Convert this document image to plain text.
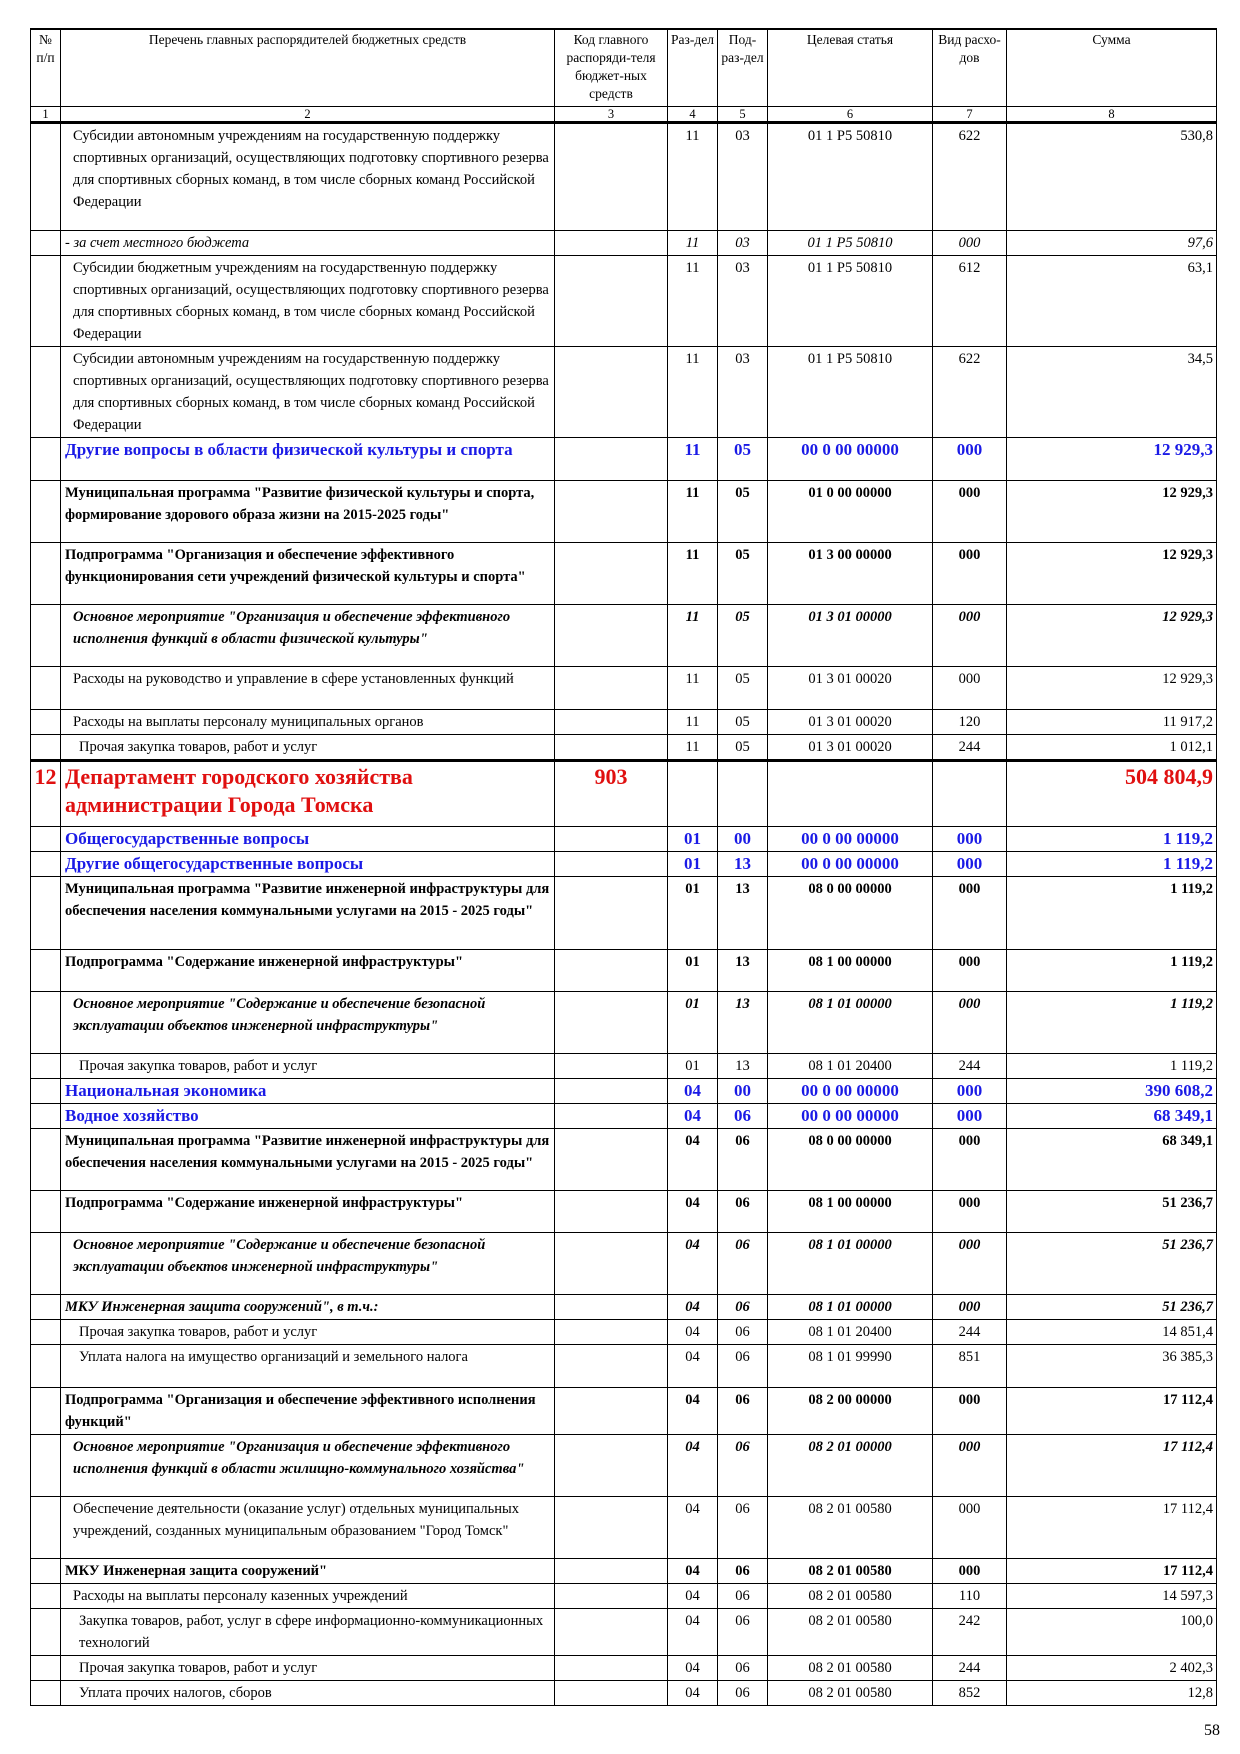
№ п/п	Перечень главных распорядителей бюджетных средств	Код главного распоряди-теля бюджет-ных средств	Раз-дел	Под-раз-дел	Целевая статья	Вид расхо-дов	Сумма
1	2	3	4	5	6	7	8
	Субсидии автономным учреждениям на государственную поддержку спортивных организаций, осуществляющих подготовку спортивного резерва для спортивных сборных команд, в том числе сборных команд Российской Федерации		11	03	01 1 Р5 50810	622	530,8
	- за счет местного бюджета		11	03	01 1 Р5 50810	000	97,6
	Субсидии бюджетным учреждениям на государственную поддержку спортивных организаций, осуществляющих подготовку спортивного резерва для спортивных сборных команд, в том числе сборных команд Российской Федерации		11	03	01 1 Р5 50810	612	63,1
	Субсидии автономным учреждениям на государственную поддержку спортивных организаций, осуществляющих подготовку спортивного резерва для спортивных сборных команд, в том числе сборных команд Российской Федерации		11	03	01 1 Р5 50810	622	34,5
	Другие вопросы в области физической культуры и спорта		11	05	00 0 00 00000	000	12 929,3
	Муниципальная программа "Развитие физической культуры и спорта, формирование здорового образа жизни на 2015-2025 годы"		11	05	01 0 00 00000	000	12 929,3
	Подпрограмма "Организация и обеспечение эффективного функционирования сети учреждений физической культуры и спорта"		11	05	01 3 00 00000	000	12 929,3
	Основное мероприятие "Организация и обеспечение эффективного исполнения функций в области физической культуры"		11	05	01 3 01 00000	000	12 929,3
	Расходы на руководство и управление в сфере установленных функций		11	05	01 3 01 00020	000	12 929,3
	Расходы на выплаты персоналу муниципальных органов		11	05	01 3 01 00020	120	11 917,2
	Прочая закупка товаров, работ и услуг		11	05	01 3 01 00020	244	1 012,1
12	Департамент городского хозяйства администрации Города Томска	903					504 804,9
	Общегосударственные вопросы		01	00	00 0 00 00000	000	1 119,2
	Другие общегосударственные вопросы		01	13	00 0 00 00000	000	1 119,2
	Муниципальная программа "Развитие инженерной инфраструктуры для обеспечения населения коммунальными услугами на 2015 - 2025 годы"		01	13	08 0 00 00000	000	1 119,2
	Подпрограмма "Содержание инженерной инфраструктуры"		01	13	08 1 00 00000	000	1 119,2
	Основное мероприятие "Содержание и обеспечение безопасной эксплуатации объектов инженерной инфраструктуры"		01	13	08 1 01 00000	000	1 119,2
	Прочая закупка товаров, работ и услуг		01	13	08 1 01 20400	244	1 119,2
	Национальная экономика		04	00	00 0 00 00000	000	390 608,2
	Водное хозяйство		04	06	00 0 00 00000	000	68 349,1
	Муниципальная программа "Развитие инженерной инфраструктуры для обеспечения населения коммунальными услугами на 2015 - 2025 годы"		04	06	08 0 00 00000	000	68 349,1
	Подпрограмма "Содержание инженерной инфраструктуры"		04	06	08 1 00 00000	000	51 236,7
	Основное мероприятие "Содержание и обеспечение безопасной эксплуатации объектов инженерной инфраструктуры"		04	06	08 1 01 00000	000	51 236,7
	МКУ Инженерная защита сооружений", в т.ч.:		04	06	08 1 01 00000	000	51 236,7
	Прочая закупка товаров, работ и услуг		04	06	08 1 01 20400	244	14 851,4
	Уплата налога на имущество организаций и земельного налога		04	06	08 1 01 99990	851	36 385,3
	Подпрограмма "Организация и обеспечение эффективного исполнения функций"		04	06	08 2 00 00000	000	17 112,4
	Основное мероприятие "Организация и обеспечение эффективного исполнения функций в области жилищно-коммунального хозяйства"		04	06	08 2 01 00000	000	17 112,4
	Обеспечение деятельности (оказание услуг) отдельных муниципальных учреждений, созданных муниципальным образованием "Город Томск"		04	06	08 2 01 00580	000	17 112,4
	МКУ Инженерная защита сооружений"		04	06	08 2 01 00580	000	17 112,4
	Расходы на выплаты персоналу казенных учреждений		04	06	08 2 01 00580	110	14 597,3
	Закупка товаров, работ, услуг в сфере информационно-коммуникационных технологий		04	06	08 2 01 00580	242	100,0
	Прочая закупка товаров, работ и услуг		04	06	08 2 01 00580	244	2 402,3
	Уплата прочих налогов, сборов		04	06	08 2 01 00580	852	12,8
58
